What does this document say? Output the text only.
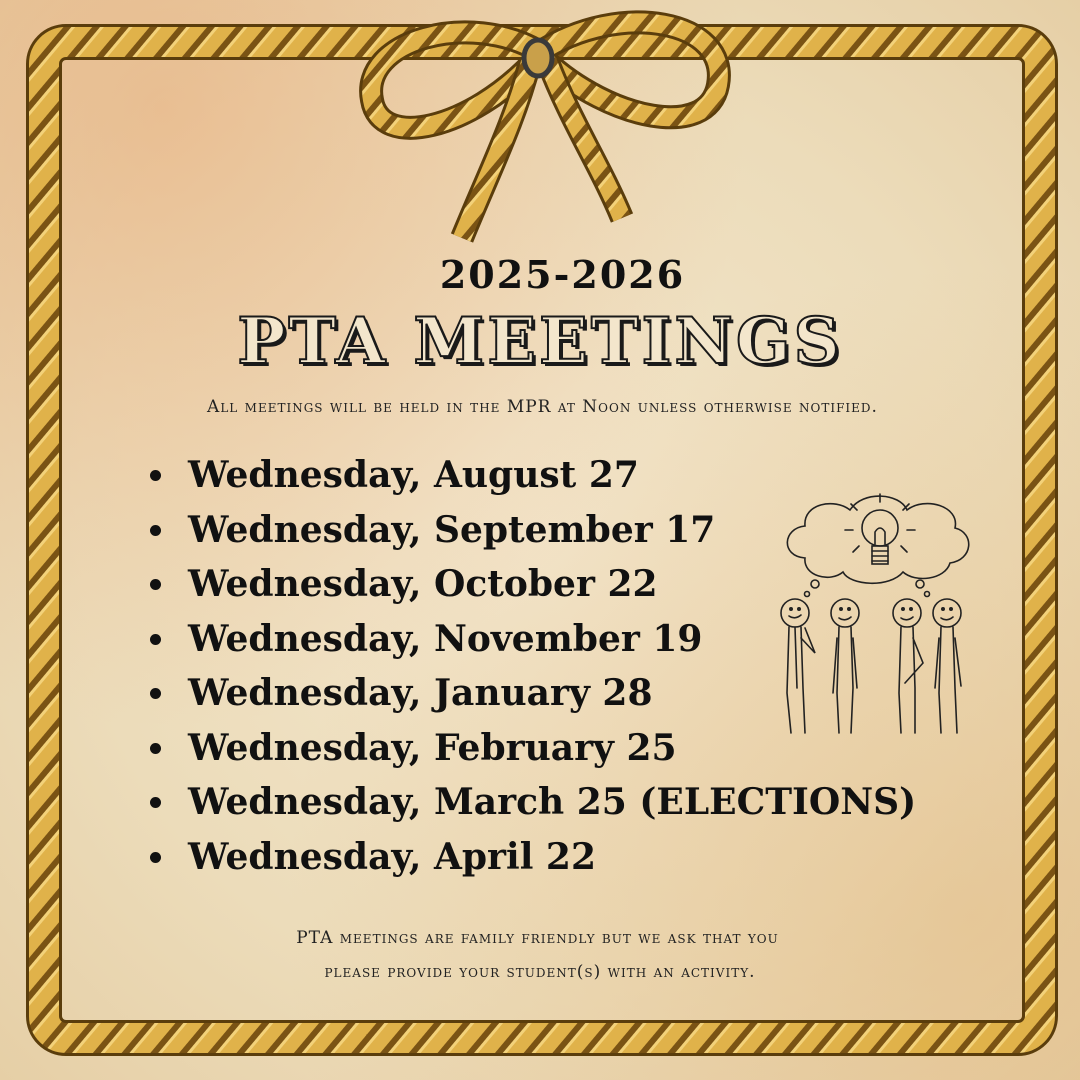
2025-2026
PTA MEETINGS
All meetings will be held in the MPR at Noon unless otherwise notified.
Wednesday, August 27
Wednesday, September 17
Wednesday, October 22
Wednesday, November 19
Wednesday, January 28
Wednesday, February 25
Wednesday, March 25 (ELECTIONS)
Wednesday, April 22
PTA meetings are family friendly but we ask that you
please provide your student(s) with an activity.
